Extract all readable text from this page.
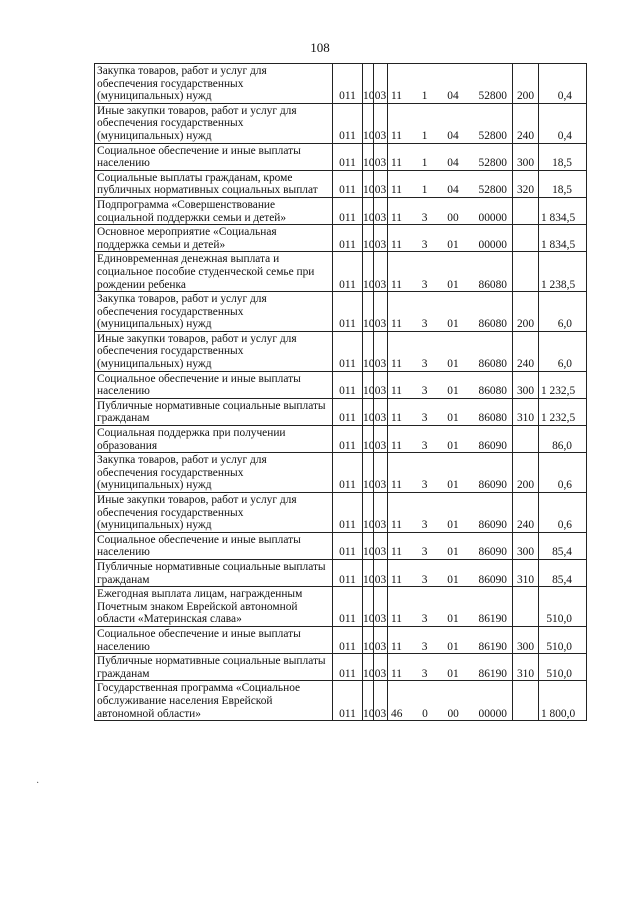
108
Закупка товаров, работ и услуг для обеспечения государственных (муниципальных) нужд	011	10	03	11 1 04 52800	200	0,4
Иные закупки товаров, работ и услуг для обеспечения государственных (муниципальных) нужд	011	10	03	11 1 04 52800	240	0,4
Социальное обеспечение и иные выплаты населению	011	10	03	11 1 04 52800	300	18,5
Социальные выплаты гражданам, кроме публичных нормативных социальных выплат	011	10	03	11 1 04 52800	320	18,5
Подпрограмма «Совершенствование социальной поддержки семьи и детей»	011	10	03	11 3 00 00000		1 834,5
Основное мероприятие «Социальная поддержка семьи и детей»	011	10	03	11 3 01 00000		1 834,5
Единовременная денежная выплата и социальное пособие студенческой семье при рождении ребенка	011	10	03	11 3 01 86080		1 238,5
Закупка товаров, работ и услуг для обеспечения государственных (муниципальных) нужд	011	10	03	11 3 01 86080	200	6,0
Иные закупки товаров, работ и услуг для обеспечения государственных (муниципальных) нужд	011	10	03	11 3 01 86080	240	6,0
Социальное обеспечение и иные выплаты населению	011	10	03	11 3 01 86080	300	1 232,5
Публичные нормативные социальные выплаты гражданам	011	10	03	11 3 01 86080	310	1 232,5
Социальная поддержка при получении образования	011	10	03	11 3 01 86090		86,0
Закупка товаров, работ и услуг для обеспечения государственных (муниципальных) нужд	011	10	03	11 3 01 86090	200	0,6
Иные закупки товаров, работ и услуг для обеспечения государственных (муниципальных) нужд	011	10	03	11 3 01 86090	240	0,6
Социальное обеспечение и иные выплаты населению	011	10	03	11 3 01 86090	300	85,4
Публичные нормативные социальные выплаты гражданам	011	10	03	11 3 01 86090	310	85,4
Ежегодная выплата лицам, награжденным Почетным знаком Еврейской автономной области «Материнская слава»	011	10	03	11 3 01 86190		510,0
Социальное обеспечение и иные выплаты населению	011	10	03	11 3 01 86190	300	510,0
Публичные нормативные социальные выплаты гражданам	011	10	03	11 3 01 86190	310	510,0
Государственная программа «Социальное обслуживание населения Еврейской автономной области»	011	10	03	46 0 00 00000		1 800,0
·
